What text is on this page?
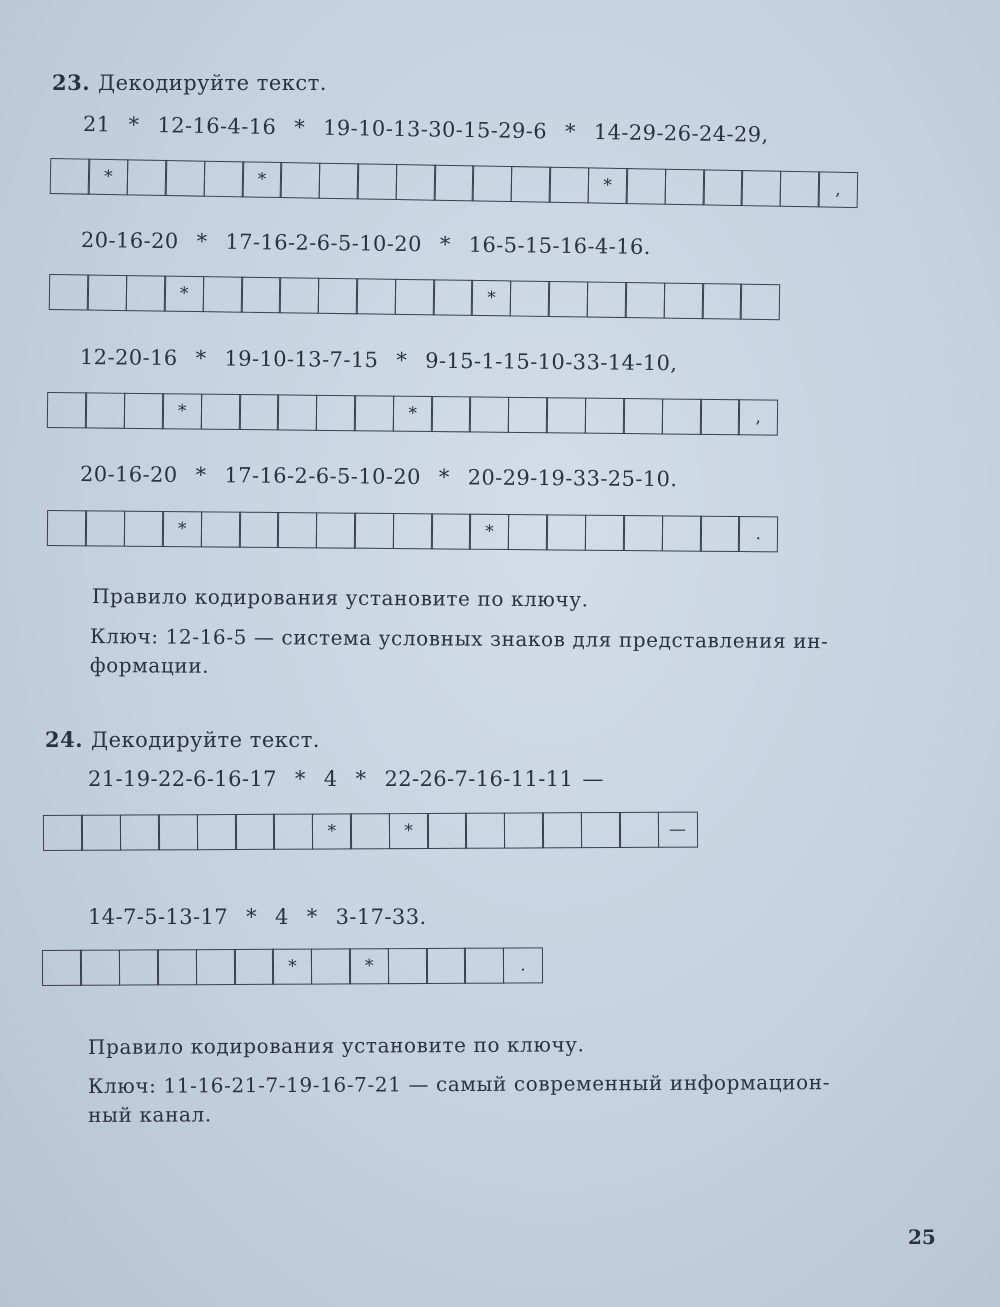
23. Декодируйте текст.
21 * 12-16-4-16 * 19-10-13-30-15-29-6 * 14-29-26-24-29,
*	*	*	,
20-16-20 * 17-16-2-6-5-10-20 * 16-5-15-16-4-16.
*	*
12-20-16 * 19-10-13-7-15 * 9-15-1-15-10-33-14-10,
*	*	,
20-16-20 * 17-16-2-6-5-10-20 * 20-29-19-33-25-10.
*	*	.
Правило кодирования установите по ключу.
Ключ: 12-16-5 — система условных знаков для представления ин-
формации.
24. Декодируйте текст.
21-19-22-6-16-17 * 4 * 22-26-7-16-11-11 —
*	*	—
14-7-5-13-17 * 4 * 3-17-33.
*	*	.
Правило кодирования установите по ключу.
Ключ: 11-16-21-7-19-16-7-21 — самый современный информацион-
ный канал.
25
